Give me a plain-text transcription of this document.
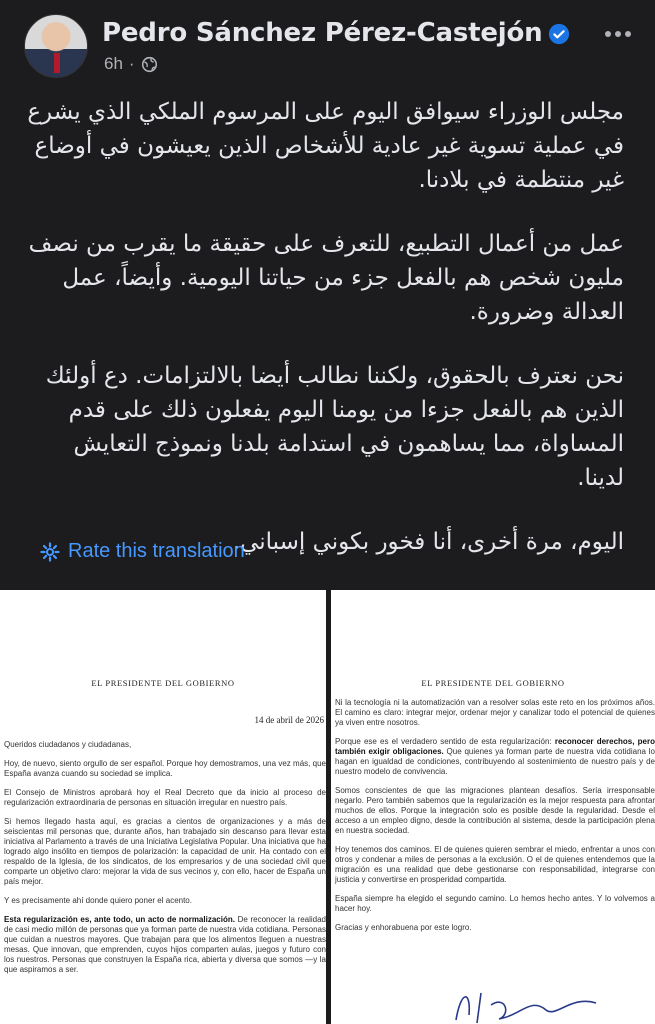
Pedro Sánchez Pérez-Castejón
6h ·

مجلس الوزراء سيوافق اليوم على المرسوم الملكي الذي يشرع في عملية تسوية غير عادية للأشخاص الذين يعيشون في أوضاع غير منتظمة في بلادنا.

عمل من أعمال التطبيع، للتعرف على حقيقة ما يقرب من نصف مليون شخص هم بالفعل جزء من حياتنا اليومية. وأيضاً، عمل العدالة وضرورة.

نحن نعترف بالحقوق، ولكننا نطالب أيضا بالالتزامات. دع أولئك الذين هم بالفعل جزءا من يومنا اليوم يفعلون ذلك على قدم المساواة، مما يساهمون في استدامة بلدنا ونموذج التعايش لدينا.

اليوم، مرة أخرى، أنا فخور بكوني إسباني.

Rate this translation
EL PRESIDENTE DEL GOBIERNO
14 de abril de 2026

Queridos ciudadanos y ciudadanas,

Hoy, de nuevo, siento orgullo de ser español. Porque hoy demostramos, una vez más, que España avanza cuando su sociedad se implica.

El Consejo de Ministros aprobará hoy el Real Decreto que da inicio al proceso de regularización extraordinaria de personas en situación irregular en nuestro país.

Si hemos llegado hasta aquí, es gracias a cientos de organizaciones y a más de seiscientas mil personas que, durante años, han trabajado sin descanso para llevar esta iniciativa al Parlamento a través de una Iniciativa Legislativa Popular. Una iniciativa que ha logrado algo insólito en tiempos de polarización: la capacidad de unir. Ha contado con el respaldo de la Iglesia, de los sindicatos, de los empresarios y de una sociedad civil que comparte un objetivo claro: mejorar la vida de sus vecinos y, con ello, hacer de España un país mejor.

Y es precisamente ahí donde quiero poner el acento.

Esta regularización es, ante todo, un acto de normalización. De reconocer la realidad de casi medio millón de personas que ya forman parte de nuestra vida cotidiana. Personas que cuidan a nuestros mayores. Que trabajan para que los alimentos lleguen a nuestras mesas. Que innovan, que emprenden, cuyos hijos comparten aulas, juegos y futuro con los nuestros. Personas que construyen la España rica, abierta y diversa que somos —y la que aspiramos a ser.

EL PRESIDENTE DEL GOBIERNO

Ni la tecnología ni la automatización van a resolver solas este reto en los próximos años. El camino es claro: integrar mejor, ordenar mejor y canalizar todo el potencial de quienes ya viven entre nosotros.

Porque ese es el verdadero sentido de esta regularización: reconocer derechos, pero también exigir obligaciones. Que quienes ya forman parte de nuestra vida cotidiana lo hagan en igualdad de condiciones, contribuyendo al sostenimiento de nuestro país y de nuestro modelo de convivencia.

Somos conscientes de que las migraciones plantean desafíos. Sería irresponsable negarlo. Pero también sabemos que la regularización es la mejor respuesta para afrontar muchos de ellos. Porque la integración solo es posible desde la regularidad. Desde el acceso a un empleo digno, desde la contribución al sistema, desde la participación plena en nuestra sociedad.

Hoy tenemos dos caminos. El de quienes quieren sembrar el miedo, enfrentar a unos con otros y condenar a miles de personas a la exclusión. O el de quienes entendemos que la migración es una realidad que debe gestionarse con responsabilidad, integrarse con justicia y convertirse en prosperidad compartida.

España siempre ha elegido el segundo camino. Lo hemos hecho antes. Y lo volvemos a hacer hoy.

Gracias y enhorabuena por este logro.
